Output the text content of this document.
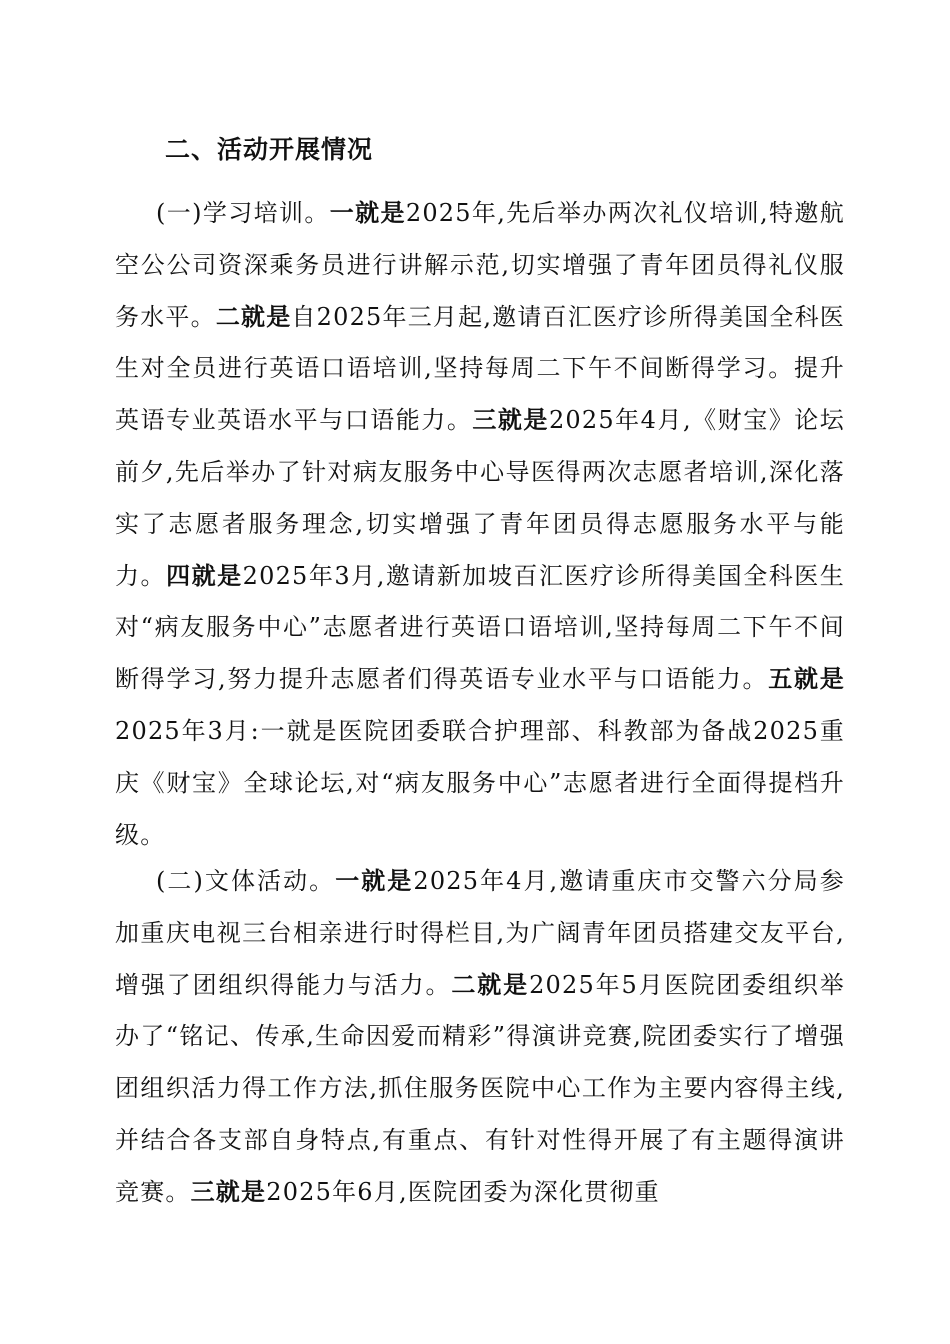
二、活动开展情况

(一)学习培训。一就是2025年,先后举办两次礼仪培训,特邀航空公公司资深乘务员进行讲解示范,切实增强了青年团员得礼仪服务水平。二就是自2025年三月起,邀请百汇医疗诊所得美国全科医生对全员进行英语口语培训,坚持每周二下午不间断得学习。提升英语专业英语水平与口语能力。三就是2025年4月,《财宝》论坛前夕,先后举办了针对病友服务中心导医得两次志愿者培训,深化落实了志愿者服务理念,切实增强了青年团员得志愿服务水平与能力。四就是2025年3月,邀请新加坡百汇医疗诊所得美国全科医生对“病友服务中心”志愿者进行英语口语培训,坚持每周二下午不间断得学习,努力提升志愿者们得英语专业水平与口语能力。五就是2025年3月:一就是医院团委联合护理部、科教部为备战2025重庆《财宝》全球论坛,对“病友服务中心”志愿者进行全面得提档升级。

(二)文体活动。一就是2025年4月,邀请重庆市交警六分局参加重庆电视三台相亲进行时得栏目,为广阔青年团员搭建交友平台,增强了团组织得能力与活力。二就是2025年5月医院团委组织举办了“铭记、传承,生命因爱而精彩”得演讲竞赛,院团委实行了增强团组织活力得工作方法,抓住服务医院中心工作为主要内容得主线,并结合各支部自身特点,有重点、有针对性得开展了有主题得演讲竞赛。三就是2025年6月,医院团委为深化贯彻重
